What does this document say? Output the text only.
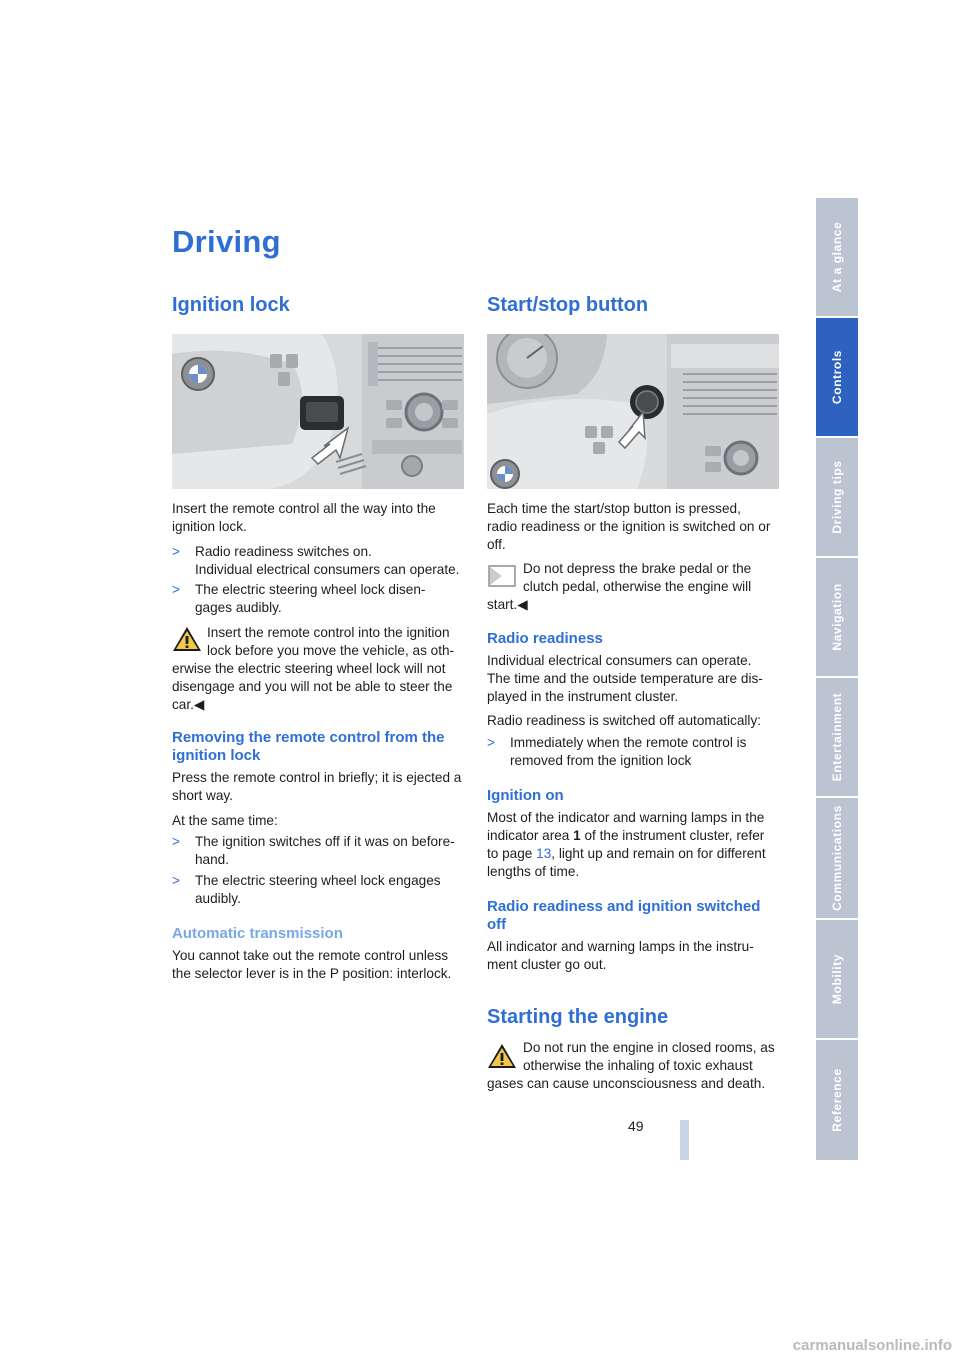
Driving
Ignition lock
Insert the remote control all the way into the ignition lock.
> Radio readiness switches on.
Individual electrical consumers can operate.
> The electric steering wheel lock disen-
gages audibly.
Insert the remote control into the ignition
lock before you move the vehicle, as oth-
erwise the electric steering wheel lock will not
disengage and you will not be able to steer the
car.◀
Removing the remote control from the
ignition lock
Press the remote control in briefly; it is ejected a
short way.
At the same time:
> The ignition switches off if it was on before-
hand.
> The electric steering wheel lock engages
audibly.
Automatic transmission
You cannot take out the remote control unless
the selector lever is in the P position: interlock.
Start/stop button
Each time the start/stop button is pressed,
radio readiness or the ignition is switched on or
off.
Do not depress the brake pedal or the
clutch pedal, otherwise the engine will
start.◀
Radio readiness
Individual electrical consumers can operate.
The time and the outside temperature are dis-
played in the instrument cluster.
Radio readiness is switched off automatically:
> Immediately when the remote control is
removed from the ignition lock
Ignition on
Most of the indicator and warning lamps in the
indicator area 1 of the instrument cluster, refer
to page 13, light up and remain on for different
lengths of time.
Radio readiness and ignition switched
off
All indicator and warning lamps in the instru-
ment cluster go out.
Starting the engine
Do not run the engine in closed rooms, as
otherwise the inhaling of toxic exhaust
gases can cause unconsciousness and death.
49
At a glance
Controls
Driving tips
Navigation
Entertainment
Communications
Mobility
Reference
carmanualsonline.info
